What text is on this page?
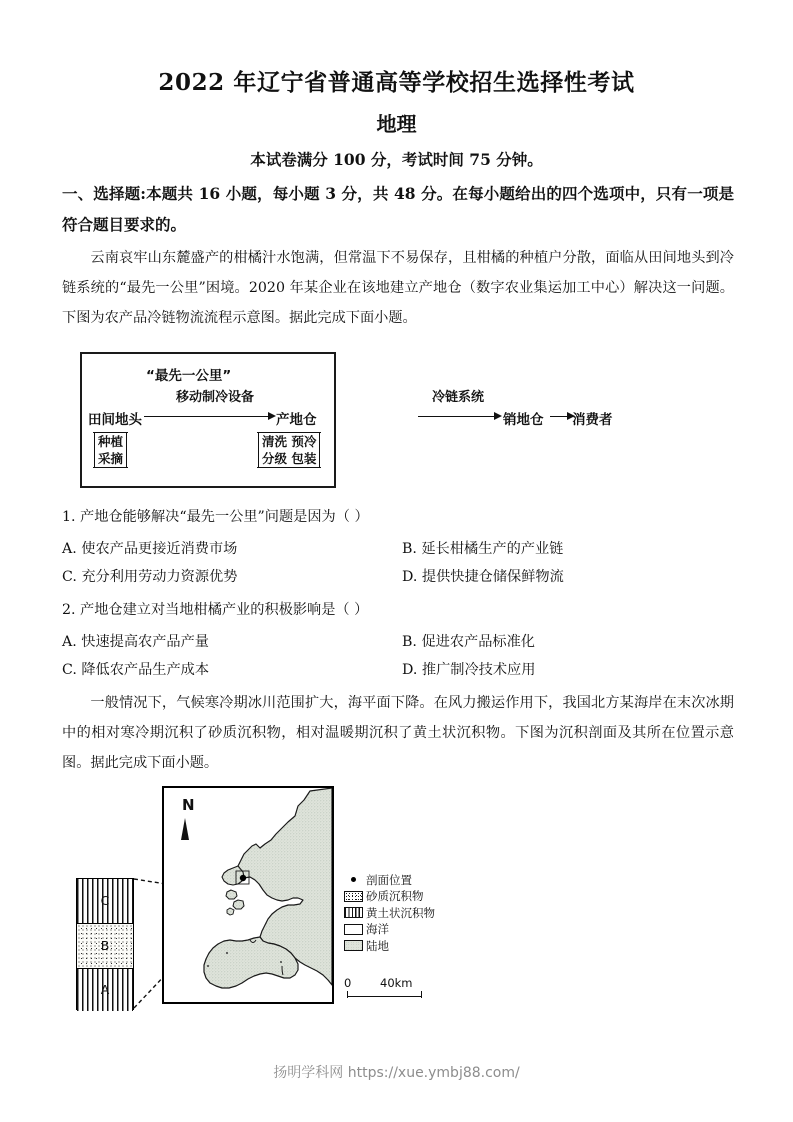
2022 年辽宁省普通高等学校招生选择性考试
地理
本试卷满分 100 分，考试时间 75 分钟。
一、选择题:本题共 16 小题，每小题 3 分，共 48 分。在每小题给出的四个选项中，只有一项是符合题目要求的。
云南哀牢山东麓盛产的柑橘汁水饱满，但常温下不易保存，且柑橘的种植户分散，面临从田间地头到冷链系统的“最先一公里”困境。2020 年某企业在该地建立产地仓（数字农业集运加工中心）解决这一问题。下图为农产品冷链物流流程示意图。据此完成下面小题。
“最先一公里”
田间地头
种植
采摘
移动制冷设备
产地仓
清洗 预冷
分级 包装
冷链系统
销地仓 消费者
1. 产地仓能够解决“最先一公里”问题是因为（ ）
A. 使农产品更接近消费市场	B. 延长柑橘生产的产业链
C. 充分利用劳动力资源优势	D. 提供快捷仓储保鲜物流
2. 产地仓建立对当地柑橘产业的积极影响是（ ）
A. 快速提高农产品产量	B. 促进农产品标准化
C. 降低农产品生产成本	D. 推广制冷技术应用
一般情况下，气候寒冷期冰川范围扩大，海平面下降。在风力搬运作用下，我国北方某海岸在末次冰期中的相对寒冷期沉积了砂质沉积物，相对温暖期沉积了黄土状沉积物。下图为沉积剖面及其所在位置示意图。据此完成下面小题。
C
B
A
N
剖面位置
砂质沉积物
黄土状沉积物
海洋
陆地
0 40km
扬明学科网 https://xue.ymbj88.com/
